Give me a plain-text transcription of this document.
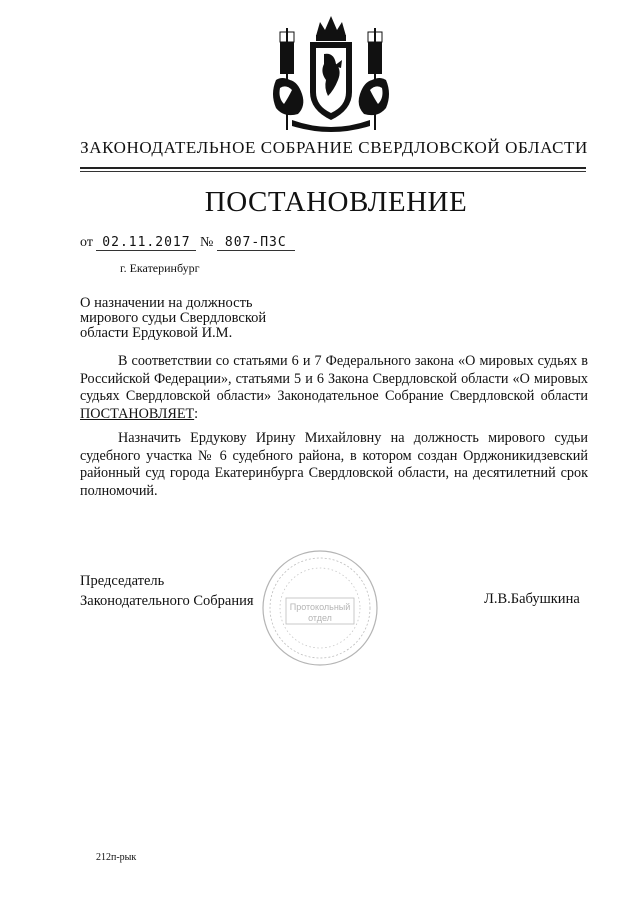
ЗАКОНОДАТЕЛЬНОЕ СОБРАНИЕ СВЕРДЛОВСКОЙ ОБЛАСТИ
ПОСТАНОВЛЕНИЕ
от 02.11.2017 № 807-ПЗС
г. Екатеринбург
О назначении на должность
мирового судьи Свердловской
области Ердуковой И.М.
В соответствии со статьями 6 и 7 Федерального закона «О мировых судьях в Российской Федерации», статьями 5 и 6 Закона Свердловской области «О мировых судьях Свердловской области» Законодательное Собрание Свердловской области ПОСТАНОВЛЯЕТ:
Назначить Ердукову Ирину Михайловну на должность мирового судьи судебного участка № 6 судебного района, в котором создан Орджоникидзевский районный суд города Екатеринбурга Свердловской области, на десятилетний срок полномочий.
Председатель
Законодательного Собрания	Л.В.Бабушкина
Протокольный
отдел
212п-рык
